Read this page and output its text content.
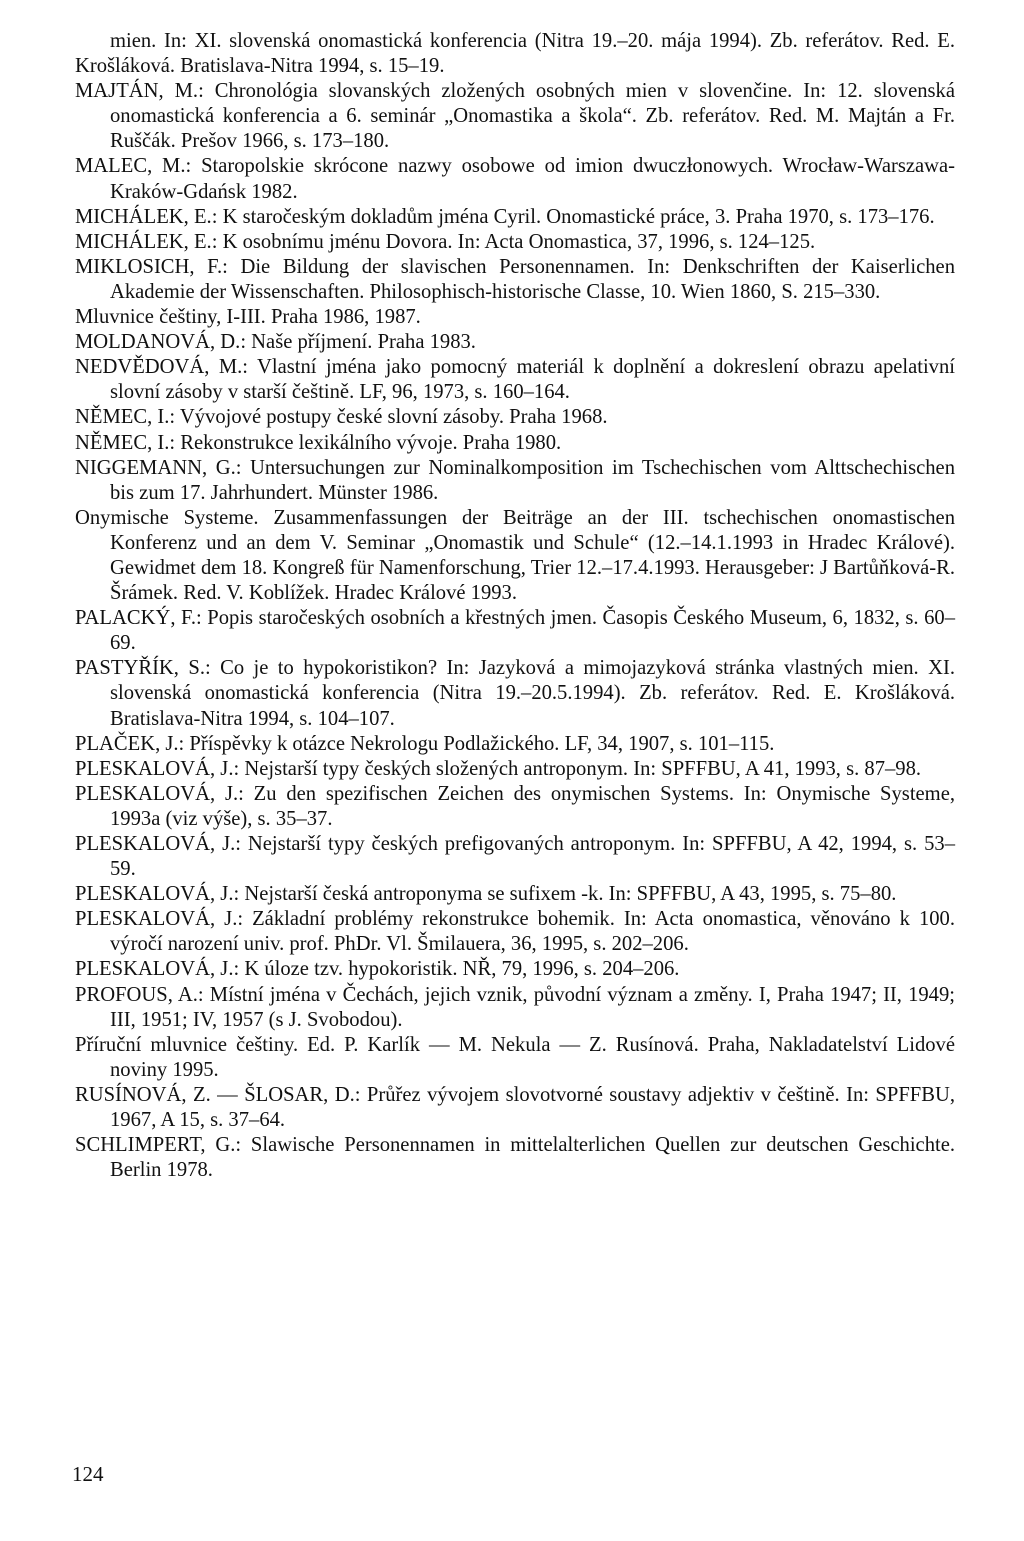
mien. In: XI. slovenská onomastická konferencia (Nitra 19.–20. mája 1994). Zb. referátov. Red. E. Krošláková. Bratislava-Nitra 1994, s. 15–19.

MAJTÁN, M.: Chronológia slovanských zložených osobných mien v slovenčine. In: 12. slovenská onomastická konferencia a 6. seminár „Onomastika a škola“. Zb. referátov. Red. M. Majtán a Fr. Ruščák. Prešov 1966, s. 173–180.

MALEC, M.: Staropolskie skrócone nazwy osobowe od imion dwuczłonowych. Wrocław-Warszawa-Kraków-Gdańsk 1982.

MICHÁLEK, E.: K staročeským dokladům jména Cyril. Onomastické práce, 3. Praha 1970, s. 173–176.

MICHÁLEK, E.: K osobnímu jménu Dovora. In: Acta Onomastica, 37, 1996, s. 124–125.

MIKLOSICH, F.: Die Bildung der slavischen Personennamen. In: Denkschriften der Kaiserlichen Akademie der Wissenschaften. Philosophisch-historische Classe, 10. Wien 1860, S. 215–330.

Mluvnice češtiny, I-III. Praha 1986, 1987.

MOLDANOVÁ, D.: Naše příjmení. Praha 1983.

NEDVĚDOVÁ, M.: Vlastní jména jako pomocný materiál k doplnění a dokreslení obrazu apelativní slovní zásoby v starší češtině. LF, 96, 1973, s. 160–164.

NĚMEC, I.: Vývojové postupy české slovní zásoby. Praha 1968.

NĚMEC, I.: Rekonstrukce lexikálního vývoje. Praha 1980.

NIGGEMANN, G.: Untersuchungen zur Nominalkomposition im Tschechischen vom Alttschechischen bis zum 17. Jahrhundert. Münster 1986.

Onymische Systeme. Zusammenfassungen der Beiträge an der III. tschechischen onomastischen Konferenz und an dem V. Seminar „Onomastik und Schule“ (12.–14.1.1993 in Hradec Králové). Gewidmet dem 18. Kongreß für Namenforschung, Trier 12.–17.4.1993. Herausgeber: J Bartůňková-R. Šrámek. Red. V. Koblížek. Hradec Králové 1993.

PALACKÝ, F.: Popis staročeských osobních a křestných jmen. Časopis Českého Museum, 6, 1832, s. 60–69.

PASTYŘÍK, S.: Co je to hypokoristikon? In: Jazyková a mimojazyková stránka vlastných mien. XI. slovenská onomastická konferencia (Nitra 19.–20.5.1994). Zb. referátov. Red. E. Krošláková. Bratislava-Nitra 1994, s. 104–107.

PLAČEK, J.: Příspěvky k otázce Nekrologu Podlažického. LF, 34, 1907, s. 101–115.

PLESKALOVÁ, J.: Nejstarší typy českých složených antroponym. In: SPFFBU, A 41, 1993, s. 87–98.

PLESKALOVÁ, J.: Zu den spezifischen Zeichen des onymischen Systems. In: Onymische Systeme, 1993a (viz výše), s. 35–37.

PLESKALOVÁ, J.: Nejstarší typy českých prefigovaných antroponym. In: SPFFBU, A 42, 1994, s. 53–59.

PLESKALOVÁ, J.: Nejstarší česká antroponyma se sufixem -k. In: SPFFBU, A 43, 1995, s. 75–80.

PLESKALOVÁ, J.: Základní problémy rekonstrukce bohemik. In: Acta onomastica, věnováno k 100. výročí narození univ. prof. PhDr. Vl. Šmilauera, 36, 1995, s. 202–206.

PLESKALOVÁ, J.: K úloze tzv. hypokoristik. NŘ, 79, 1996, s. 204–206.

PROFOUS, A.: Místní jména v Čechách, jejich vznik, původní význam a změny. I, Praha 1947; II, 1949; III, 1951; IV, 1957 (s J. Svobodou).

Příruční mluvnice češtiny. Ed. P. Karlík — M. Nekula — Z. Rusínová. Praha, Nakladatelství Lidové noviny 1995.

RUSÍNOVÁ, Z. — ŠLOSAR, D.: Průřez vývojem slovotvorné soustavy adjektiv v češtině. In: SPFFBU, 1967, A 15, s. 37–64.

SCHLIMPERT, G.: Slawische Personennamen in mittelalterlichen Quellen zur deutschen Geschichte. Berlin 1978.

124
